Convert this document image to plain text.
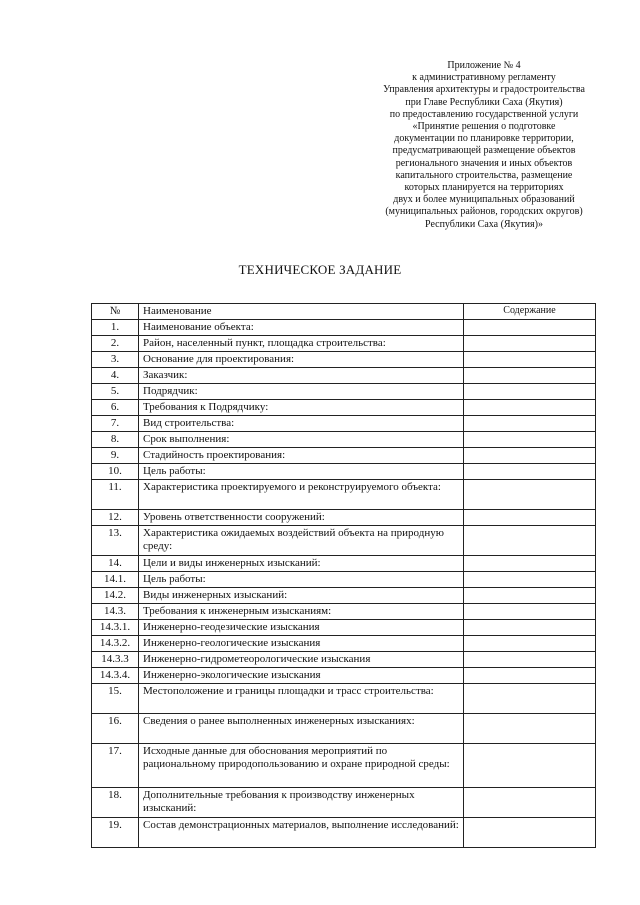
Приложение № 4
к административному регламенту
Управления архитектуры и градостроительства
при Главе Республики Саха (Якутия)
по предоставлению государственной услуги
«Принятие решения о подготовке
документации по планировке территории,
предусматривающей размещение объектов
регионального значения и иных объектов
капитального строительства, размещение
которых планируется на территориях
двух и более муниципальных образований
(муниципальных районов, городских округов)
Республики Саха (Якутия)»
ТЕХНИЧЕСКОЕ ЗАДАНИЕ
№	Наименование	Содержание
1.	Наименование объекта:	
2.	Район, населенный пункт, площадка строительства:	
3.	Основание для проектирования:	
4.	Заказчик:	
5.	Подрядчик:	
6.	Требования к Подрядчику:	
7.	Вид строительства:	
8.	Срок выполнения:	
9.	Стадийность проектирования:	
10.	Цель работы:	
11.	Характеристика проектируемого и реконструируемого объекта:	
12.	Уровень ответственности сооружений:	
13.	Характеристика ожидаемых воздействий объекта на природную среду:	
14.	Цели и виды инженерных изысканий:	
14.1.	Цель работы:	
14.2.	Виды инженерных изысканий:	
14.3.	Требования к инженерным изысканиям:	
14.3.1.	Инженерно-геодезические изыскания	
14.3.2.	Инженерно-геологические изыскания	
14.3.3	Инженерно-гидрометеорологические изыскания	
14.3.4.	Инженерно-экологические изыскания	
15.	Местоположение и границы площадки и трасс строительства:	
16.	Сведения о ранее выполненных инженерных изысканиях:	
17.	Исходные данные для обоснования мероприятий по рациональному природопользованию и охране природной среды:	
18.	Дополнительные требования к производству инженерных изысканий:	
19.	Состав демонстрационных материалов, выполнение исследований:	
